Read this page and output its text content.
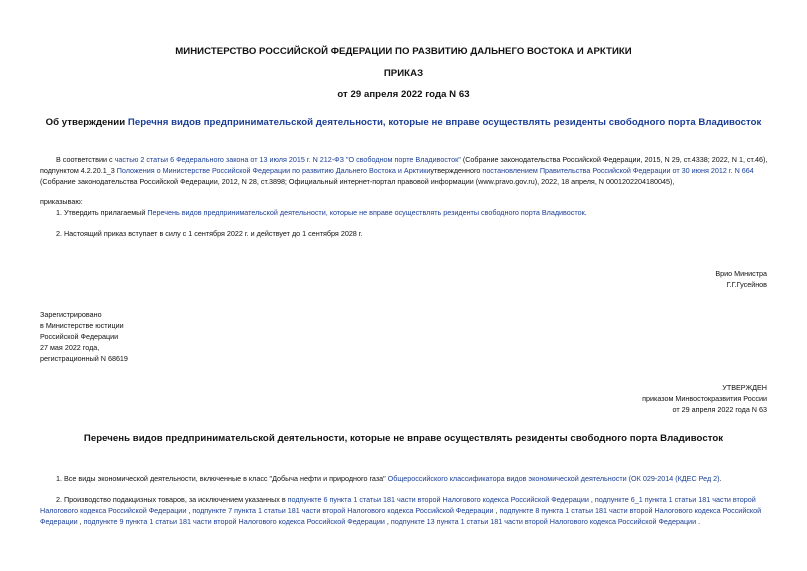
МИНИСТЕРСТВО РОССИЙСКОЙ ФЕДЕРАЦИИ ПО РАЗВИТИЮ ДАЛЬНЕГО ВОСТОКА И АРКТИКИ
ПРИКАЗ
от 29 апреля 2022 года N 63
Об утверждении Перечня видов предпринимательской деятельности, которые не вправе осуществлять резиденты свободного порта Владивосток
В соответствии с частью 2 статьи 6 Федерального закона от 13 июля 2015 г. N 212-ФЗ "О свободном порте Владивосток" (Собрание законодательства Российской Федерации, 2015, N 29, ст.4338; 2022, N 1, ст.46), подпунктом 4.2.20.1_3 Положения о Министерстве Российской Федерации по развитию Дальнего Востока и Арктикиутвержденного постановлением Правительства Российской Федерации от 30 июня 2012 г. N 664 (Собрание законодательства Российской Федерации, 2012, N 28, ст.3898; Официальный интернет-портал правовой информации (www.pravo.gov.ru), 2022, 18 апреля, N 0001202204180045),
приказываю:
1. Утвердить прилагаемый Перечень видов предпринимательской деятельности, которые не вправе осуществлять резиденты свободного порта Владивосток.
2. Настоящий приказ вступает в силу с 1 сентября 2022 г. и действует до 1 сентября 2028 г.
Врио Министра
Г.Г.Гусейнов
Зарегистрировано
в Министерстве юстиции
Российской Федерации
27 мая 2022 года,
регистрационный N 68619
УТВЕРЖДЕН
приказом Минвостокразвития России
от 29 апреля 2022 года N 63
Перечень видов предпринимательской деятельности, которые не вправе осуществлять резиденты свободного порта Владивосток
1. Все виды экономической деятельности, включенные в класс "Добыча нефти и природного газа" Общероссийского классификатора видов экономической деятельности (ОК 029-2014 (КДЕС Ред 2).
2. Производство подакцизных товаров, за исключением указанных в подпункте 6 пункта 1 статьи 181 части второй Налогового кодекса Российской Федерации , подпункте 6_1 пункта 1 статьи 181 части второй Налогового кодекса Российской Федерации , подпункте 7 пункта 1 статьи 181 части второй Налогового кодекса Российской Федерации , подпункте 8 пункта 1 статьи 181 части второй Налогового кодекса Российской Федерации , подпункте 9 пункта 1 статьи 181 части второй Налогового кодекса Российской Федерации , подпункте 13 пункта 1 статьи 181 части второй Налогового кодекса Российской Федерации .
